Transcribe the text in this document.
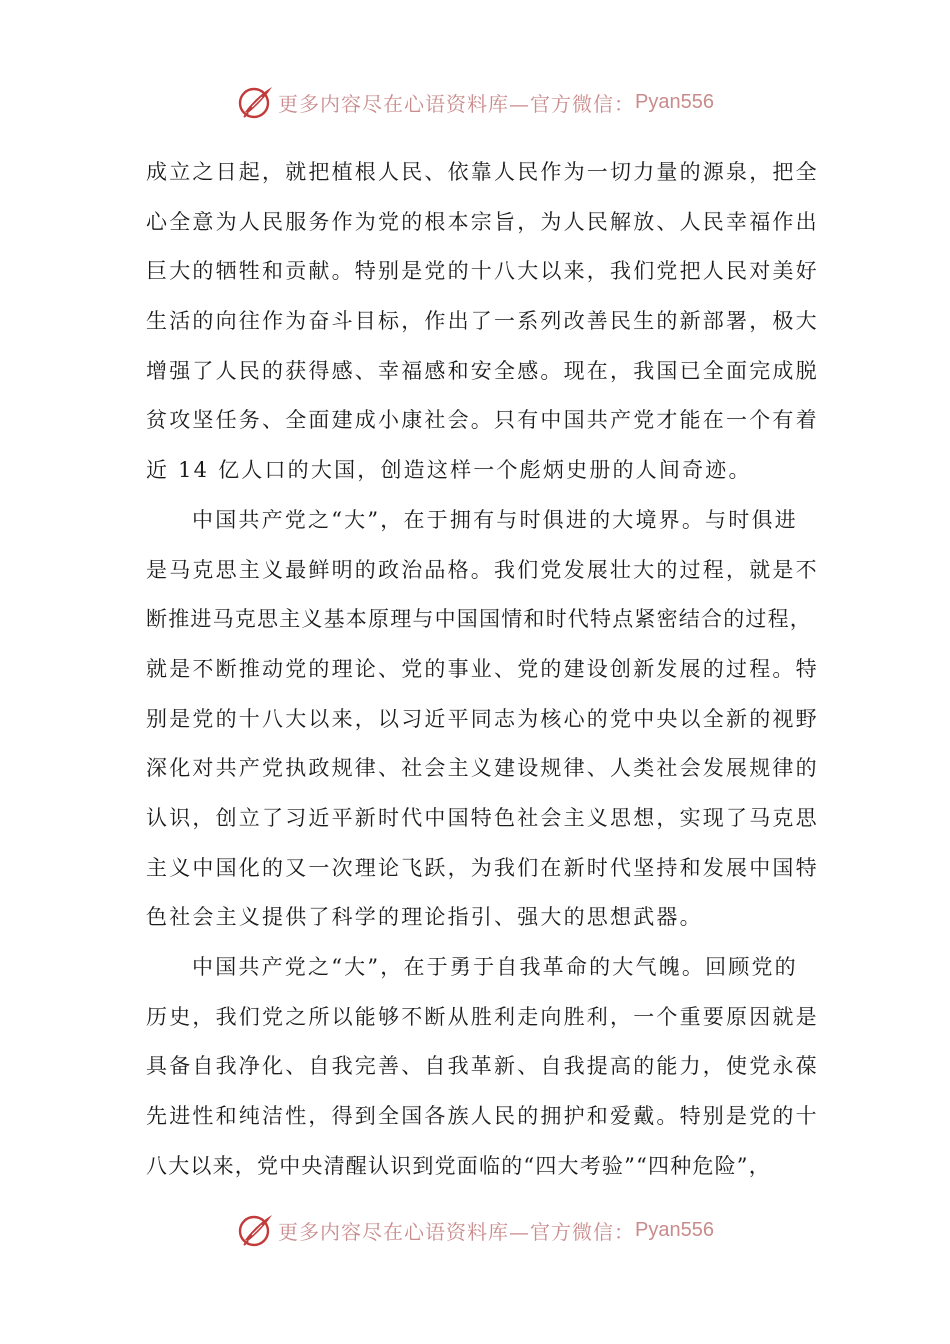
更多内容尽在心语资料库—官方微信： Pyan556
成立之日起，就把植根人民、依靠人民作为一切力量的源泉，把全
心全意为人民服务作为党的根本宗旨，为人民解放、人民幸福作出
巨大的牺牲和贡献。特别是党的十八大以来，我们党把人民对美好
生活的向往作为奋斗目标，作出了一系列改善民生的新部署，极大
增强了人民的获得感、幸福感和安全感。现在，我国已全面完成脱
贫攻坚任务、全面建成小康社会。只有中国共产党才能在一个有着
近 14 亿人口的大国，创造这样一个彪炳史册的人间奇迹。
中国共产党之“大”，在于拥有与时俱进的大境界。与时俱进
是马克思主义最鲜明的政治品格。我们党发展壮大的过程，就是不
断推进马克思主义基本原理与中国国情和时代特点紧密结合的过程，
就是不断推动党的理论、党的事业、党的建设创新发展的过程。特
别是党的十八大以来，以习近平同志为核心的党中央以全新的视野
深化对共产党执政规律、社会主义建设规律、人类社会发展规律的
认识，创立了习近平新时代中国特色社会主义思想，实现了马克思
主义中国化的又一次理论飞跃，为我们在新时代坚持和发展中国特
色社会主义提供了科学的理论指引、强大的思想武器。
中国共产党之“大”，在于勇于自我革命的大气魄。回顾党的
历史，我们党之所以能够不断从胜利走向胜利，一个重要原因就是
具备自我净化、自我完善、自我革新、自我提高的能力，使党永葆
先进性和纯洁性，得到全国各族人民的拥护和爱戴。特别是党的十
八大以来，党中央清醒认识到党面临的“四大考验”“四种危险”，
更多内容尽在心语资料库—官方微信： Pyan556
